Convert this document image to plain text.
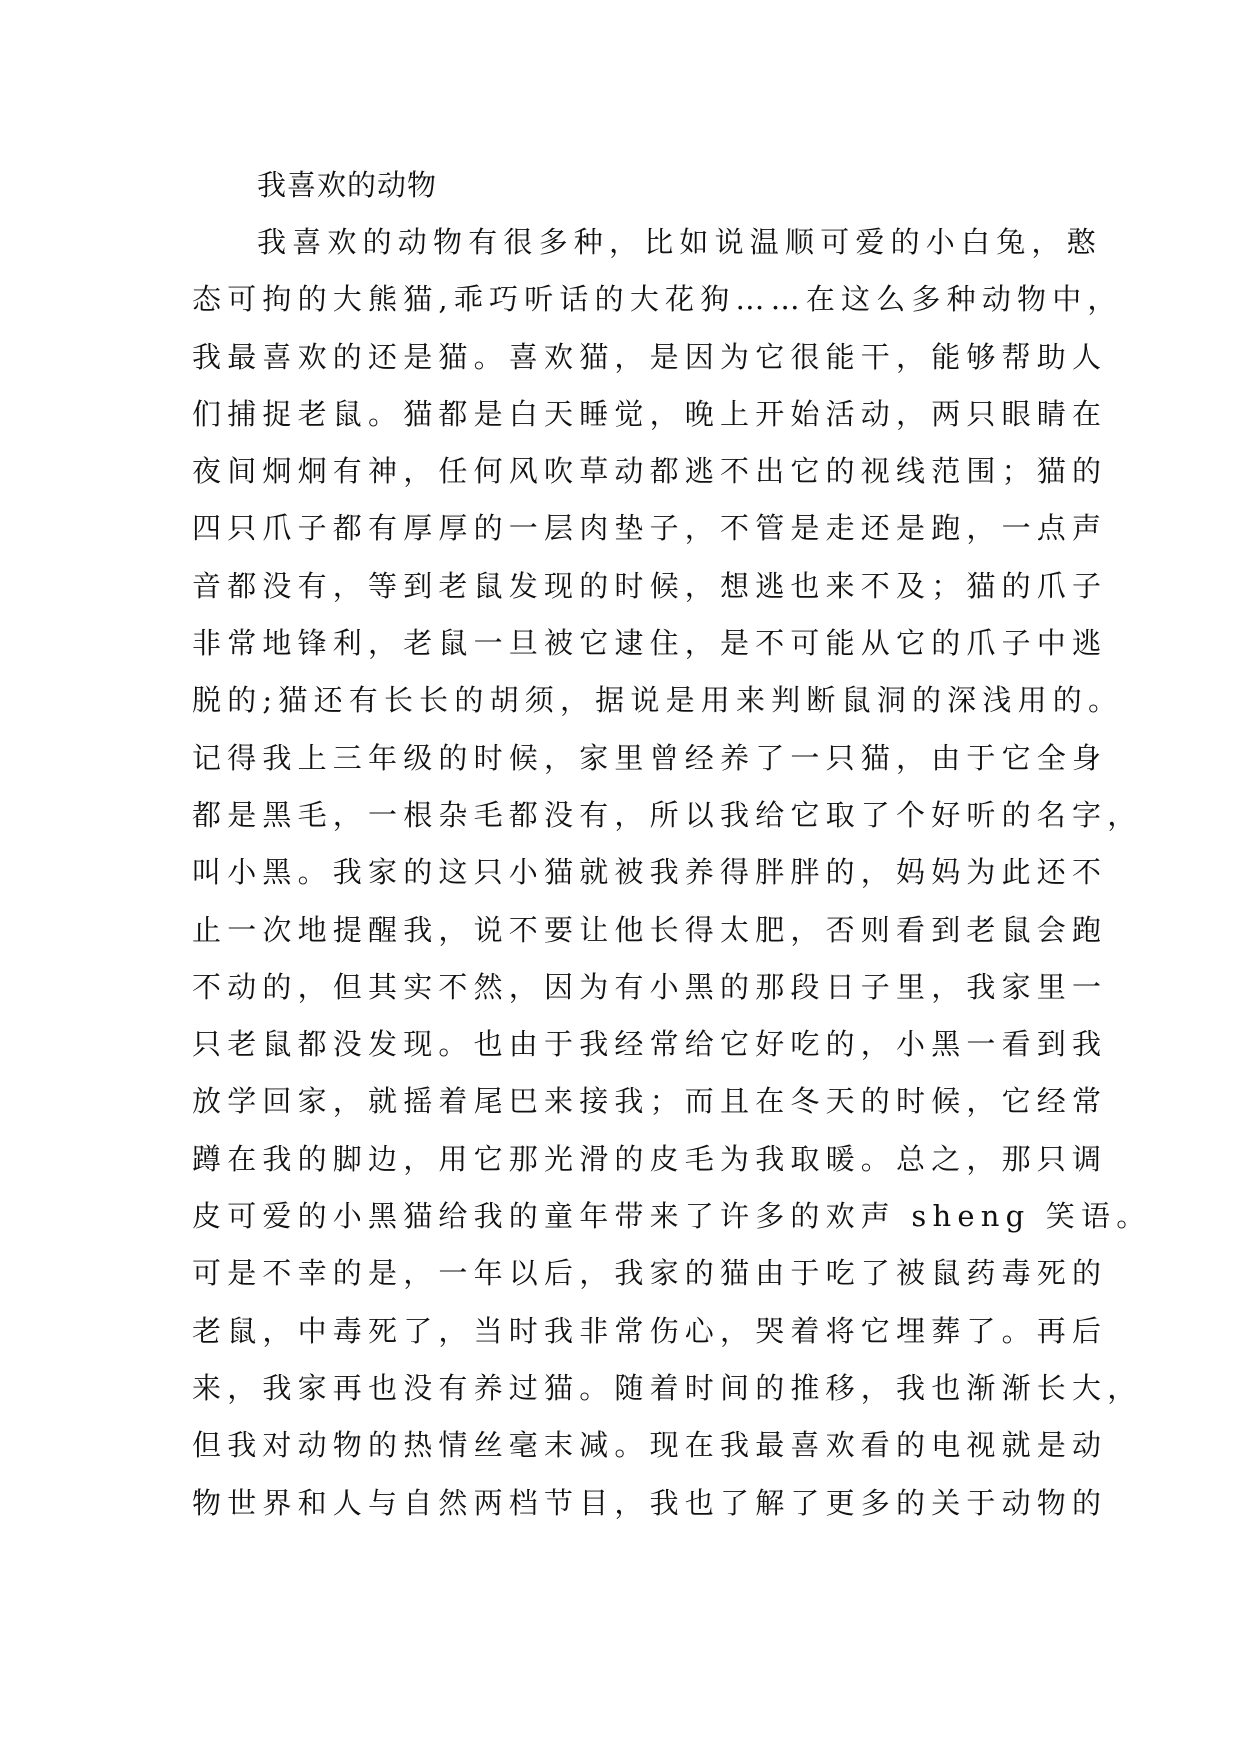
我喜欢的动物
我喜欢的动物有很多种，比如说温顺可爱的小白兔，憨
态可拘的大熊猫,乖巧听话的大花狗……在这么多种动物中，
我最喜欢的还是猫。喜欢猫，是因为它很能干，能够帮助人
们捕捉老鼠。猫都是白天睡觉，晚上开始活动，两只眼睛在
夜间炯炯有神，任何风吹草动都逃不出它的视线范围；猫的
四只爪子都有厚厚的一层肉垫子，不管是走还是跑，一点声
音都没有，等到老鼠发现的时候，想逃也来不及；猫的爪子
非常地锋利，老鼠一旦被它逮住，是不可能从它的爪子中逃
脱的;猫还有长长的胡须，据说是用来判断鼠洞的深浅用的。
记得我上三年级的时候，家里曾经养了一只猫，由于它全身
都是黑毛，一根杂毛都没有，所以我给它取了个好听的名字，
叫小黑。我家的这只小猫就被我养得胖胖的，妈妈为此还不
止一次地提醒我，说不要让他长得太肥，否则看到老鼠会跑
不动的，但其实不然，因为有小黑的那段日子里，我家里一
只老鼠都没发现。也由于我经常给它好吃的，小黑一看到我
放学回家，就摇着尾巴来接我；而且在冬天的时候，它经常
蹲在我的脚边，用它那光滑的皮毛为我取暖。总之，那只调
皮可爱的小黑猫给我的童年带来了许多的欢声 sheng 笑语。
可是不幸的是，一年以后，我家的猫由于吃了被鼠药毒死的
老鼠，中毒死了，当时我非常伤心，哭着将它埋葬了。再后
来，我家再也没有养过猫。随着时间的推移，我也渐渐长大，
但我对动物的热情丝毫末减。现在我最喜欢看的电视就是动
物世界和人与自然两档节目，我也了解了更多的关于动物的
